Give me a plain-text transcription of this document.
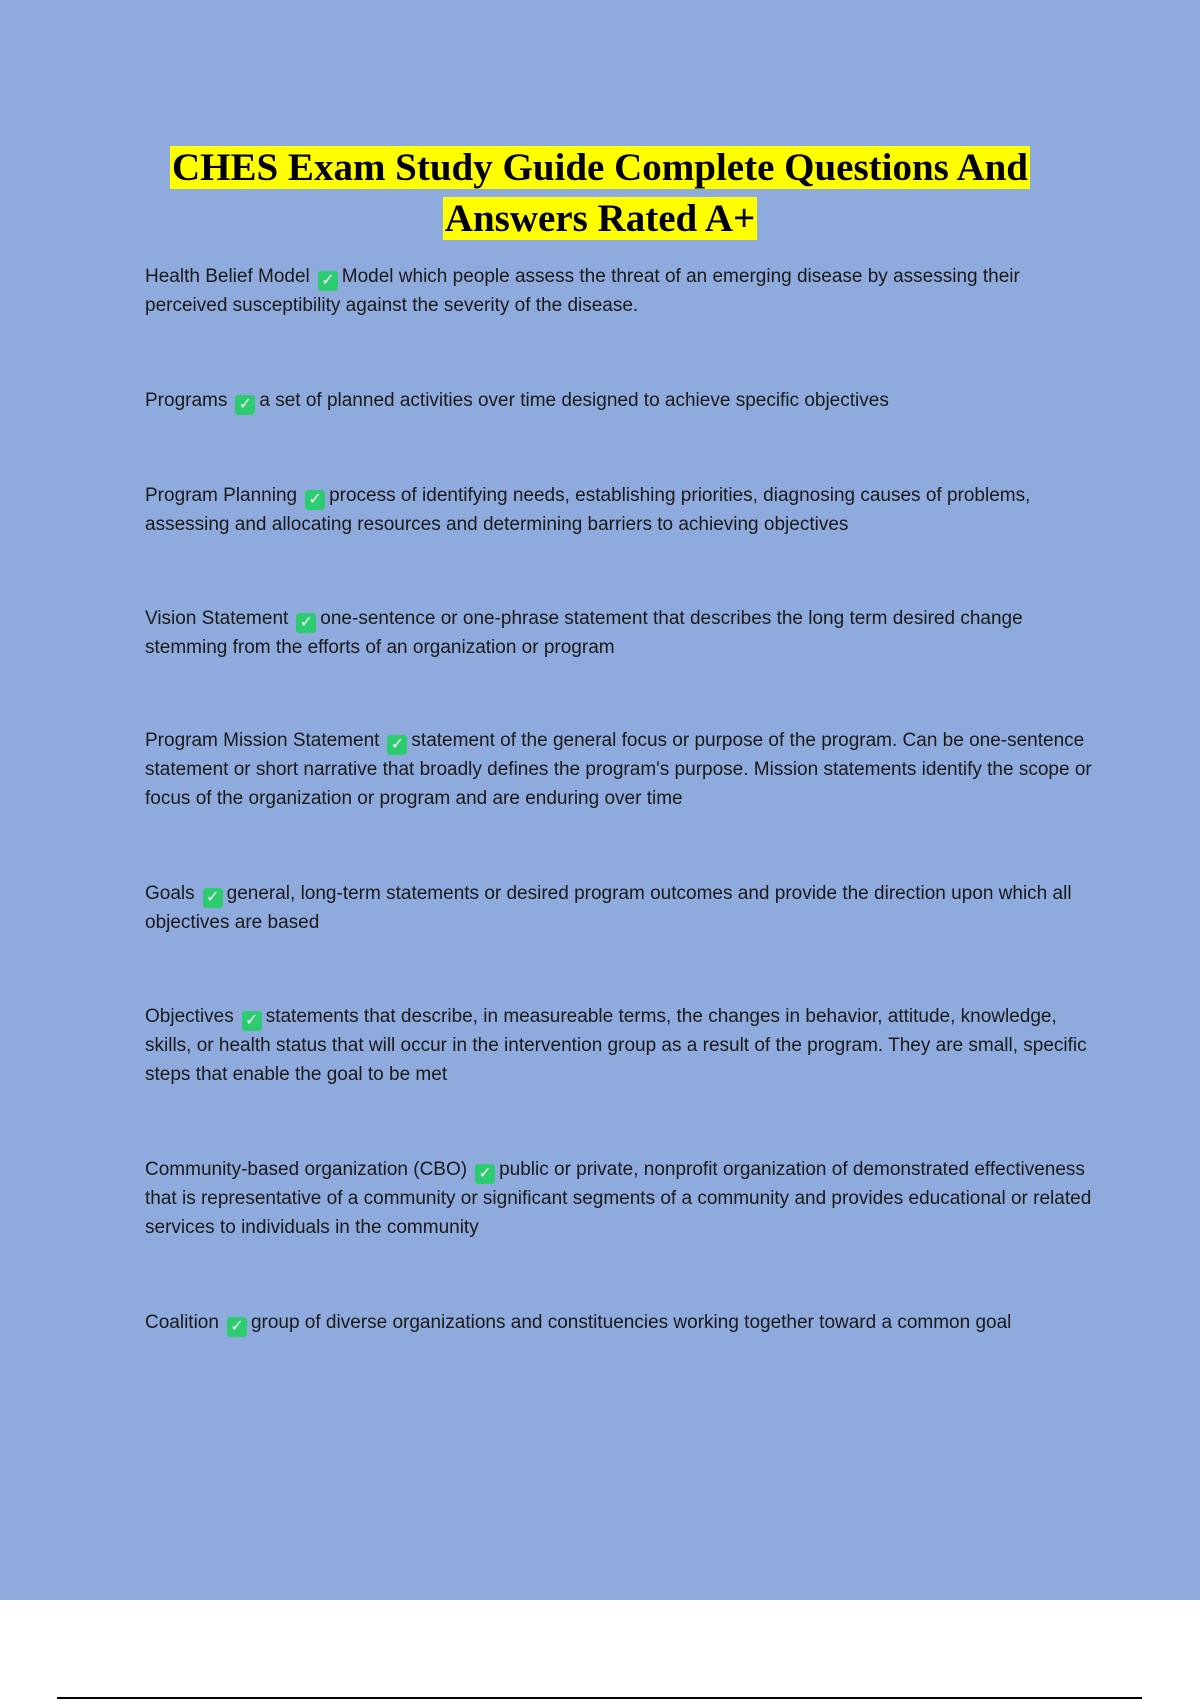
CHES Exam Study Guide Complete Questions And
Answers Rated A+
Health Belief Model ✓ Model which people assess the threat of an emerging disease by assessing their perceived susceptibility against the severity of the disease.
Programs ✓ a set of planned activities over time designed to achieve specific objectives
Program Planning ✓ process of identifying needs, establishing priorities, diagnosing causes of problems, assessing and allocating resources and determining barriers to achieving objectives
Vision Statement ✓ one-sentence or one-phrase statement that describes the long term desired change stemming from the efforts of an organization or program
Program Mission Statement ✓ statement of the general focus or purpose of the program. Can be one-sentence statement or short narrative that broadly defines the program's purpose. Mission statements identify the scope or focus of the organization or program and are enduring over time
Goals ✓ general, long-term statements or desired program outcomes and provide the direction upon which all objectives are based
Objectives ✓ statements that describe, in measureable terms, the changes in behavior, attitude, knowledge, skills, or health status that will occur in the intervention group as a result of the program. They are small, specific steps that enable the goal to be met
Community-based organization (CBO) ✓ public or private, nonprofit organization of demonstrated effectiveness that is representative of a community or significant segments of a community and provides educational or related services to individuals in the community
Coalition ✓ group of diverse organizations and constituencies working together toward a common goal
